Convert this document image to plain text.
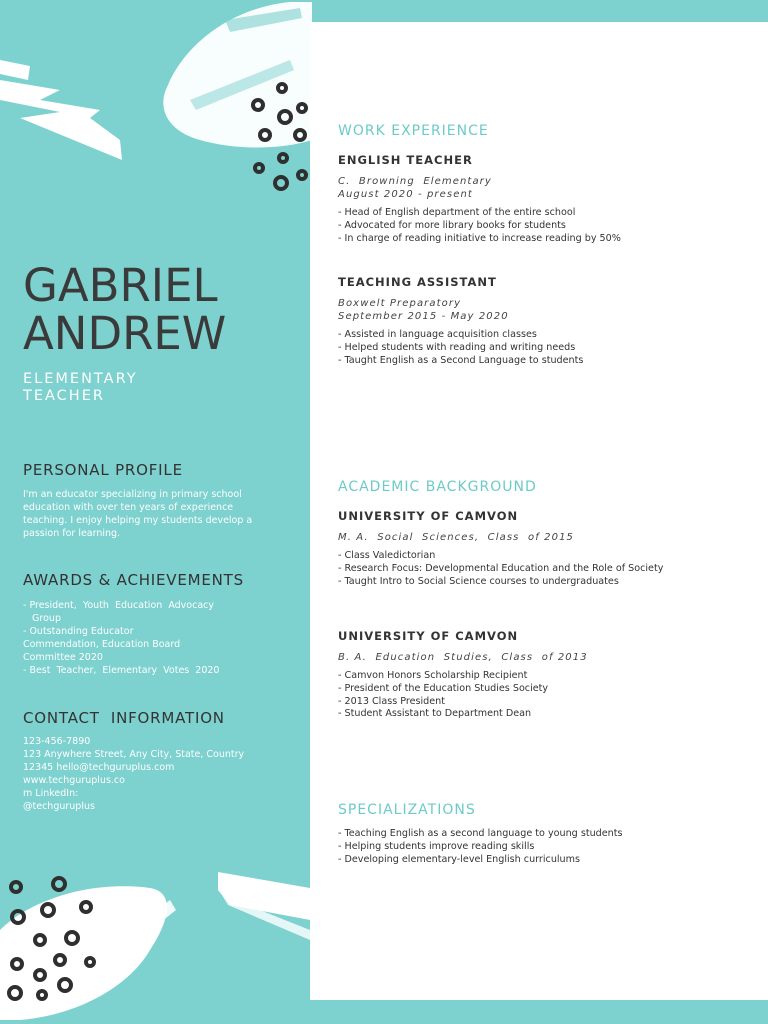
GABRIEL
ANDREW
ELEMENTARY
TEACHER
PERSONAL PROFILE
I'm an educator specializing in primary school
education with over ten years of experience
teaching. I enjoy helping my students develop a
passion for learning.
AWARDS & ACHIEVEMENTS
- President,  Youth  Education  Advocacy
Group
- Outstanding Educator
Commendation, Education Board
Committee 2020
- Best  Teacher,  Elementary  Votes  2020
CONTACT  INFORMATION
123-456-7890
123 Anywhere Street, Any City, State, Country
12345 hello@techguruplus.com
www.techguruplus.co
m LinkedIn:
@techguruplus
WORK EXPERIENCE
ENGLISH TEACHER
C.  Browning  Elementary
August 2020 - present
- Head of English department of the entire school
- Advocated for more library books for students
- In charge of reading initiative to increase reading by 50%
TEACHING ASSISTANT
Boxwelt Preparatory
September 2015 - May 2020
- Assisted in language acquisition classes
- Helped students with reading and writing needs
- Taught English as a Second Language to students
ACADEMIC BACKGROUND
UNIVERSITY OF CAMVON
M. A.  Social  Sciences,  Class  of 2015
- Class Valedictorian
- Research Focus: Developmental Education and the Role of Society
- Taught Intro to Social Science courses to undergraduates
UNIVERSITY OF CAMVON
B. A.  Education  Studies,  Class  of 2013
- Camvon Honors Scholarship Recipient
- President of the Education Studies Society
- 2013 Class President
- Student Assistant to Department Dean
SPECIALIZATIONS
- Teaching English as a second language to young students
- Helping students improve reading skills
- Developing elementary-level English curriculums
